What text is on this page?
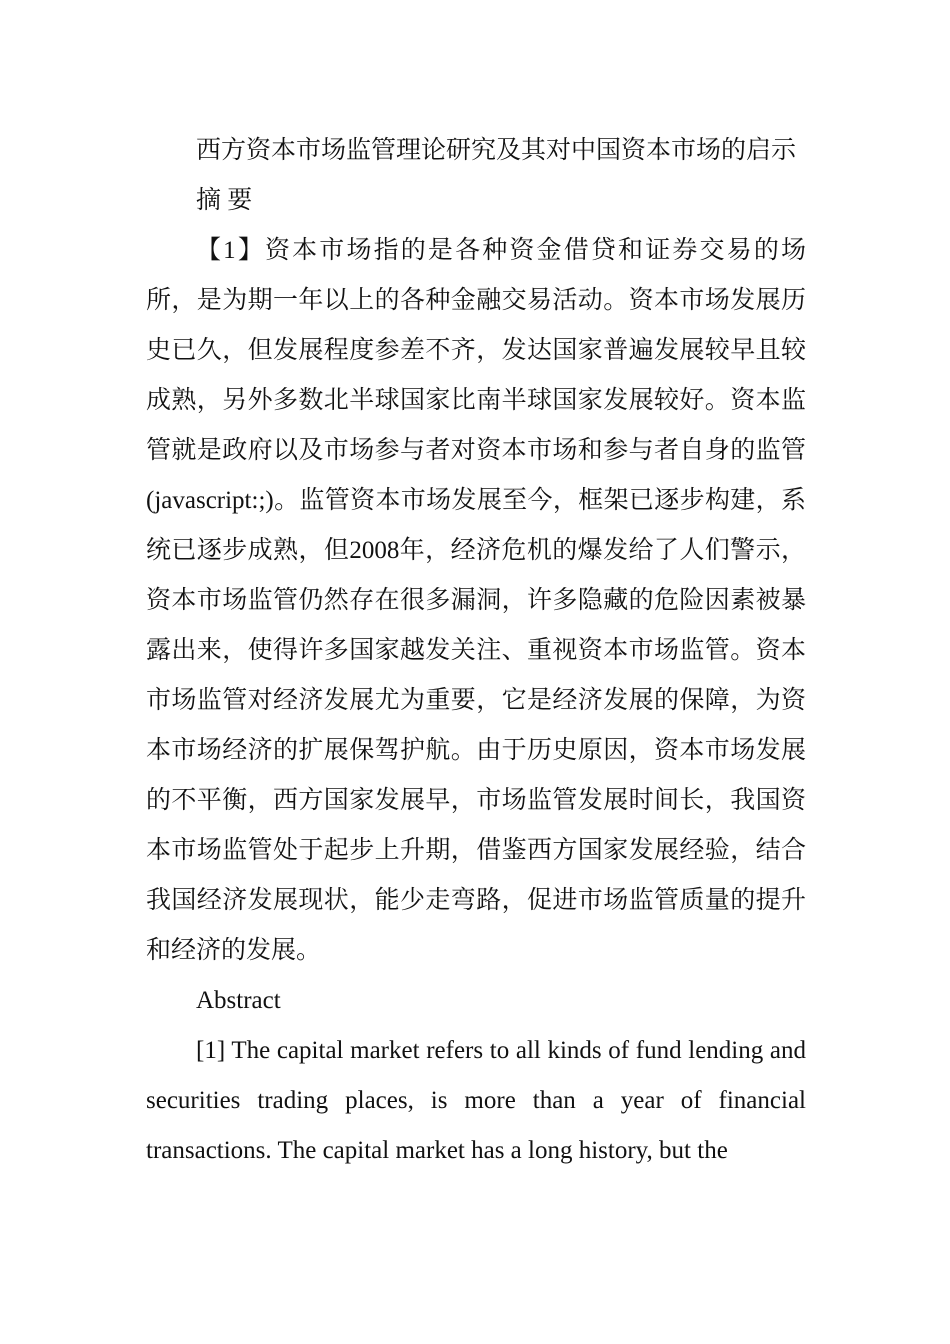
西方资本市场监管理论研究及其对中国资本市场的启示

摘 要

【1】资本市场指的是各种资金借贷和证券交易的场所，是为期一年以上的各种金融交易活动。资本市场发展历史已久，但发展程度参差不齐，发达国家普遍发展较早且较成熟，另外多数北半球国家比南半球国家发展较好。资本监管就是政府以及市场参与者对资本市场和参与者自身的监管 (javascript:;)。监管资本市场发展至今，框架已逐步构建，系统已逐步成熟，但2008年，经济危机的爆发给了人们警示，资本市场监管仍然存在很多漏洞，许多隐藏的危险因素被暴露出来，使得许多国家越发关注、重视资本市场监管。资本市场监管对经济发展尤为重要，它是经济发展的保障，为资本市场经济的扩展保驾护航。由于历史原因，资本市场发展的不平衡，西方国家发展早，市场监管发展时间长，我国资本市场监管处于起步上升期，借鉴西方国家发展经验，结合我国经济发展现状，能少走弯路，促进市场监管质量的提升和经济的发展。

Abstract

[1] The capital market refers to all kinds of fund lending and securities trading places, is more than a year of financial transactions. The capital market has a long history, but the
